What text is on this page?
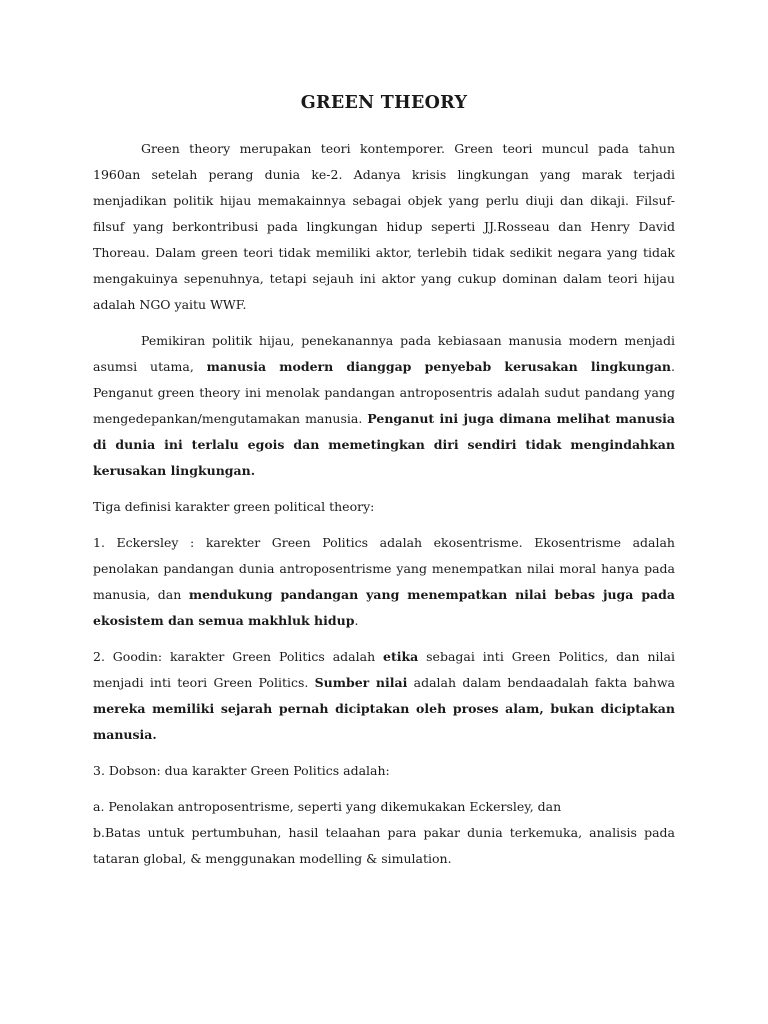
GREEN THEORY

Green theory merupakan teori kontemporer. Green teori muncul pada tahun 1960an setelah perang dunia ke-2. Adanya krisis lingkungan yang marak terjadi menjadikan politik hijau memakainnya sebagai objek yang perlu diuji dan dikaji. Filsuf-filsuf yang berkontribusi pada lingkungan hidup seperti JJ.Rosseau dan Henry David Thoreau. Dalam green teori tidak memiliki aktor, terlebih tidak sedikit negara yang tidak mengakuinya sepenuhnya, tetapi sejauh ini aktor yang cukup dominan dalam teori hijau adalah NGO yaitu WWF.

Pemikiran politik hijau, penekanannya pada kebiasaan manusia modern menjadi asumsi utama, manusia modern dianggap penyebab kerusakan lingkungan. Penganut green theory ini menolak pandangan antroposentris adalah sudut pandang yang mengedepankan/mengutamakan manusia. Penganut ini juga dimana melihat manusia di dunia ini terlalu egois dan memetingkan diri sendiri tidak mengindahkan kerusakan lingkungan.

Tiga definisi karakter green political theory:

1. Eckersley : karekter Green Politics adalah ekosentrisme. Ekosentrisme adalah penolakan pandangan dunia antroposentrisme yang menempatkan nilai moral hanya pada manusia, dan mendukung pandangan yang menempatkan nilai bebas juga pada ekosistem dan semua makhluk hidup.

2. Goodin: karakter Green Politics adalah etika sebagai inti Green Politics, dan nilai menjadi inti teori Green Politics. Sumber nilai adalah dalam bendaadalah fakta bahwa mereka memiliki sejarah pernah diciptakan oleh proses alam, bukan diciptakan manusia.

3. Dobson: dua karakter Green Politics adalah:

a. Penolakan antroposentrisme, seperti yang dikemukakan Eckersley, dan

b.Batas untuk pertumbuhan, hasil telaahan para pakar dunia terkemuka, analisis pada tataran global, & menggunakan modelling & simulation.
